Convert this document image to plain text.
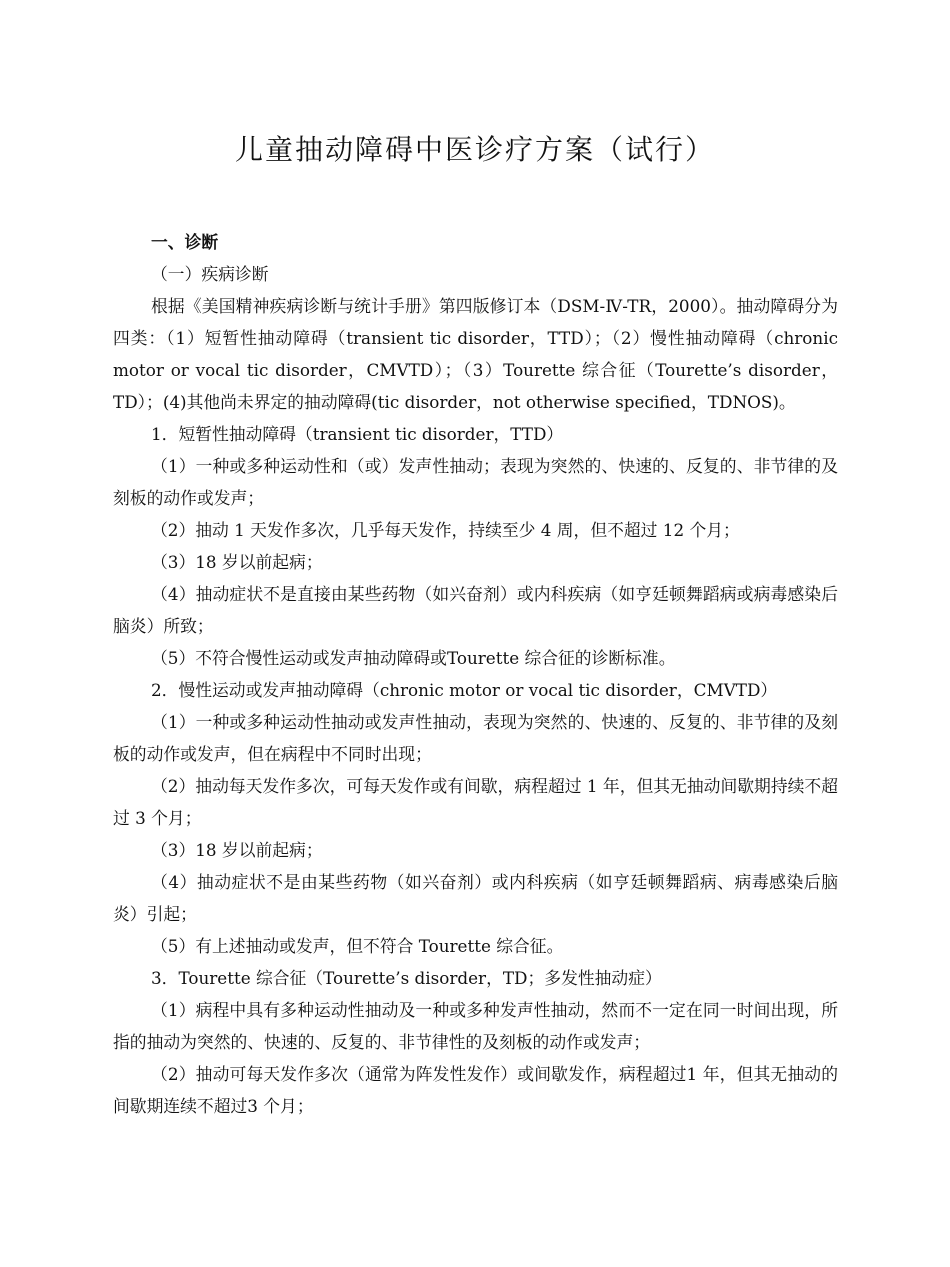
儿童抽动障碍中医诊疗方案（试行）

一、诊断

（一）疾病诊断

根据《美国精神疾病诊断与统计手册》第四版修订本（DSM-Ⅳ-TR，2000）。抽动障碍分为四类：（1）短暂性抽动障碍（transient tic disorder，TTD）；（2）慢性抽动障碍（chronic motor or vocal tic disorder，CMVTD）；（3）Tourette 综合征（Tourette’s disorder，TD）；(4)其他尚未界定的抽动障碍(tic disorder，not otherwise specified，TDNOS)。

1．短暂性抽动障碍（transient tic disorder，TTD）

（1）一种或多种运动性和（或）发声性抽动；表现为突然的、快速的、反复的、非节律的及刻板的动作或发声；

（2）抽动 1 天发作多次，几乎每天发作，持续至少 4 周，但不超过 12 个月；

（3）18 岁以前起病；

（4）抽动症状不是直接由某些药物（如兴奋剂）或内科疾病（如亨廷顿舞蹈病或病毒感染后脑炎）所致；

（5）不符合慢性运动或发声抽动障碍或Tourette 综合征的诊断标准。

2．慢性运动或发声抽动障碍（chronic motor or vocal tic disorder，CMVTD）

（1）一种或多种运动性抽动或发声性抽动，表现为突然的、快速的、反复的、非节律的及刻板的动作或发声，但在病程中不同时出现；

（2）抽动每天发作多次，可每天发作或有间歇，病程超过 1 年，但其无抽动间歇期持续不超过 3 个月；

（3）18 岁以前起病；

（4）抽动症状不是由某些药物（如兴奋剂）或内科疾病（如亨廷顿舞蹈病、病毒感染后脑炎）引起；

（5）有上述抽动或发声，但不符合 Tourette 综合征。

3．Tourette 综合征（Tourette’s disorder，TD；多发性抽动症）

（1）病程中具有多种运动性抽动及一种或多种发声性抽动，然而不一定在同一时间出现，所指的抽动为突然的、快速的、反复的、非节律性的及刻板的动作或发声；

（2）抽动可每天发作多次（通常为阵发性发作）或间歇发作，病程超过1 年，但其无抽动的间歇期连续不超过3 个月；
